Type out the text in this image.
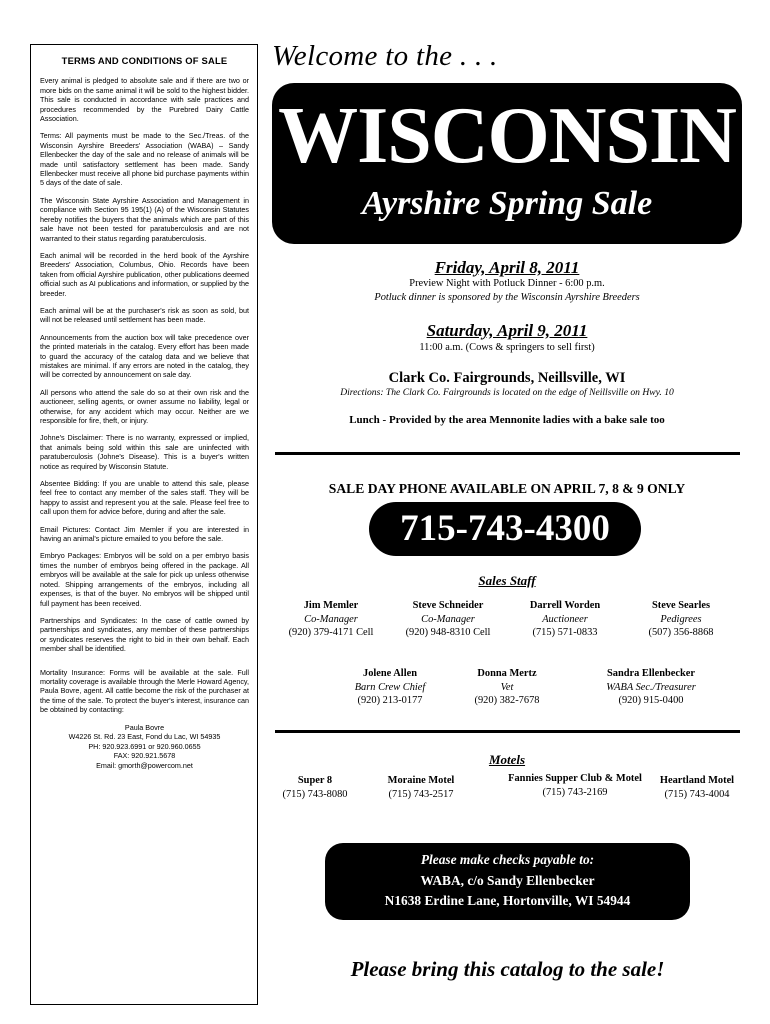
TERMS AND CONDITIONS OF SALE

Every animal is pledged to absolute sale and if there are two or more bids on the same animal it will be sold to the highest bidder. This sale is conducted in accordance with sale practices and procedures recommended by the Purebred Dairy Cattle Association.

Terms: All payments must be made to the Sec./Treas. of the Wisconsin Ayrshire Breeders' Association (WABA) – Sandy Ellenbecker the day of the sale and no release of animals will be made until satisfactory settlement has been made. Sandy Ellenbecker must receive all phone bid purchase payments within 5 days of the date of sale.

The Wisconsin State Ayrshire Association and Management in compliance with Section 95 195(1) (A) of the Wisconsin Statutes hereby notifies the buyers that the animals which are part of this sale have not been tested for paratuberculosis and are not warranted to their status regarding paratuberculosis.

Each animal will be recorded in the herd book of the Ayrshire Breeders' Association, Columbus, Ohio. Records have been taken from official Ayrshire publication, other publications deemed official such as AI publications and information, or supplied by the breeder.

Each animal will be at the purchaser's risk as soon as sold, but will not be released until settlement has been made.

Announcements from the auction box will take precedence over the printed materials in the catalog. Every effort has been made to guard the accuracy of the catalog data and we believe that mistakes are minimal. If any errors are noted in the catalog, they will be corrected by announcement on sale day.

All persons who attend the sale do so at their own risk and the auctioneer, selling agents, or owner assume no liability, legal or otherwise, for any accident which may occur. Neither are we responsible for fire, theft, or injury.

Johne's Disclaimer: There is no warranty, expressed or implied, that animals being sold within this sale are uninfected with paratuberculosis (Johne's Disease). This is a buyer's written notice as required by Wisconsin Statute.

Absentee Bidding: If you are unable to attend this sale, please feel free to contact any member of the sales staff. They will be happy to assist and represent you at the sale. Please feel free to call upon them for advice before, during and after the sale.

Email Pictures: Contact Jim Memler if you are interested in having an animal's picture emailed to you before the sale.

Embryo Packages: Embryos will be sold on a per embryo basis times the number of embryos being offered in the package. All embryos will be available at the sale for pick up unless otherwise noted. Shipping arrangements of the embryos, including all expenses, is that of the buyer. No embryos will be shipped until full payment has been received.

Partnerships and Syndicates: In the case of cattle owned by partnerships and syndicates, any member of these partnerships or syndicates reserves the right to bid in their own behalf. Each member shall be identified.

Mortality Insurance: Forms will be available at the sale. Full mortality coverage is available through the Merle Howard Agency, Paula Bovre, agent. All cattle become the risk of the purchaser at the time of the sale. To protect the buyer's interest, insurance can be obtained by contacting:

Paula Bovre
W4226 St. Rd. 23 East, Fond du Lac, WI 54935
PH: 920.923.6991 or 920.960.0655
FAX: 920.921.5678
Email: gmorth@powercom.net
Welcome to the . . .
WISCONSIN
Ayrshire Spring Sale
Friday, April 8, 2011
Preview Night with Potluck Dinner - 6:00 p.m.
Potluck dinner is sponsored by the Wisconsin Ayrshire Breeders
Saturday, April 9, 2011
11:00 a.m. (Cows & springers to sell first)
Clark Co. Fairgrounds, Neillsville, WI
Directions: The Clark Co. Fairgrounds is located on the edge of Neillsville on Hwy. 10
Lunch - Provided by the area Mennonite ladies with a bake sale too
SALE DAY PHONE AVAILABLE ON APRIL 7, 8 & 9 ONLY
715-743-4300
Sales Staff
Jim Memler
Co-Manager
(920) 379-4171 Cell
Steve Schneider
Co-Manager
(920) 948-8310 Cell
Darrell Worden
Auctioneer
(715) 571-0833
Steve Searles
Pedigrees
(507) 356-8868
Jolene Allen
Barn Crew Chief
(920) 213-0177
Donna Mertz
Vet
(920) 382-7678
Sandra Ellenbecker
WABA Sec./Treasurer
(920) 915-0400
Motels
Super 8
(715) 743-8080
Moraine Motel
(715) 743-2517
Fannies Supper Club & Motel
(715) 743-2169
Heartland Motel
(715) 743-4004
Please make checks payable to:
WABA, c/o Sandy Ellenbecker
N1638 Erdine Lane, Hortonville, WI 54944
Please bring this catalog to the sale!
